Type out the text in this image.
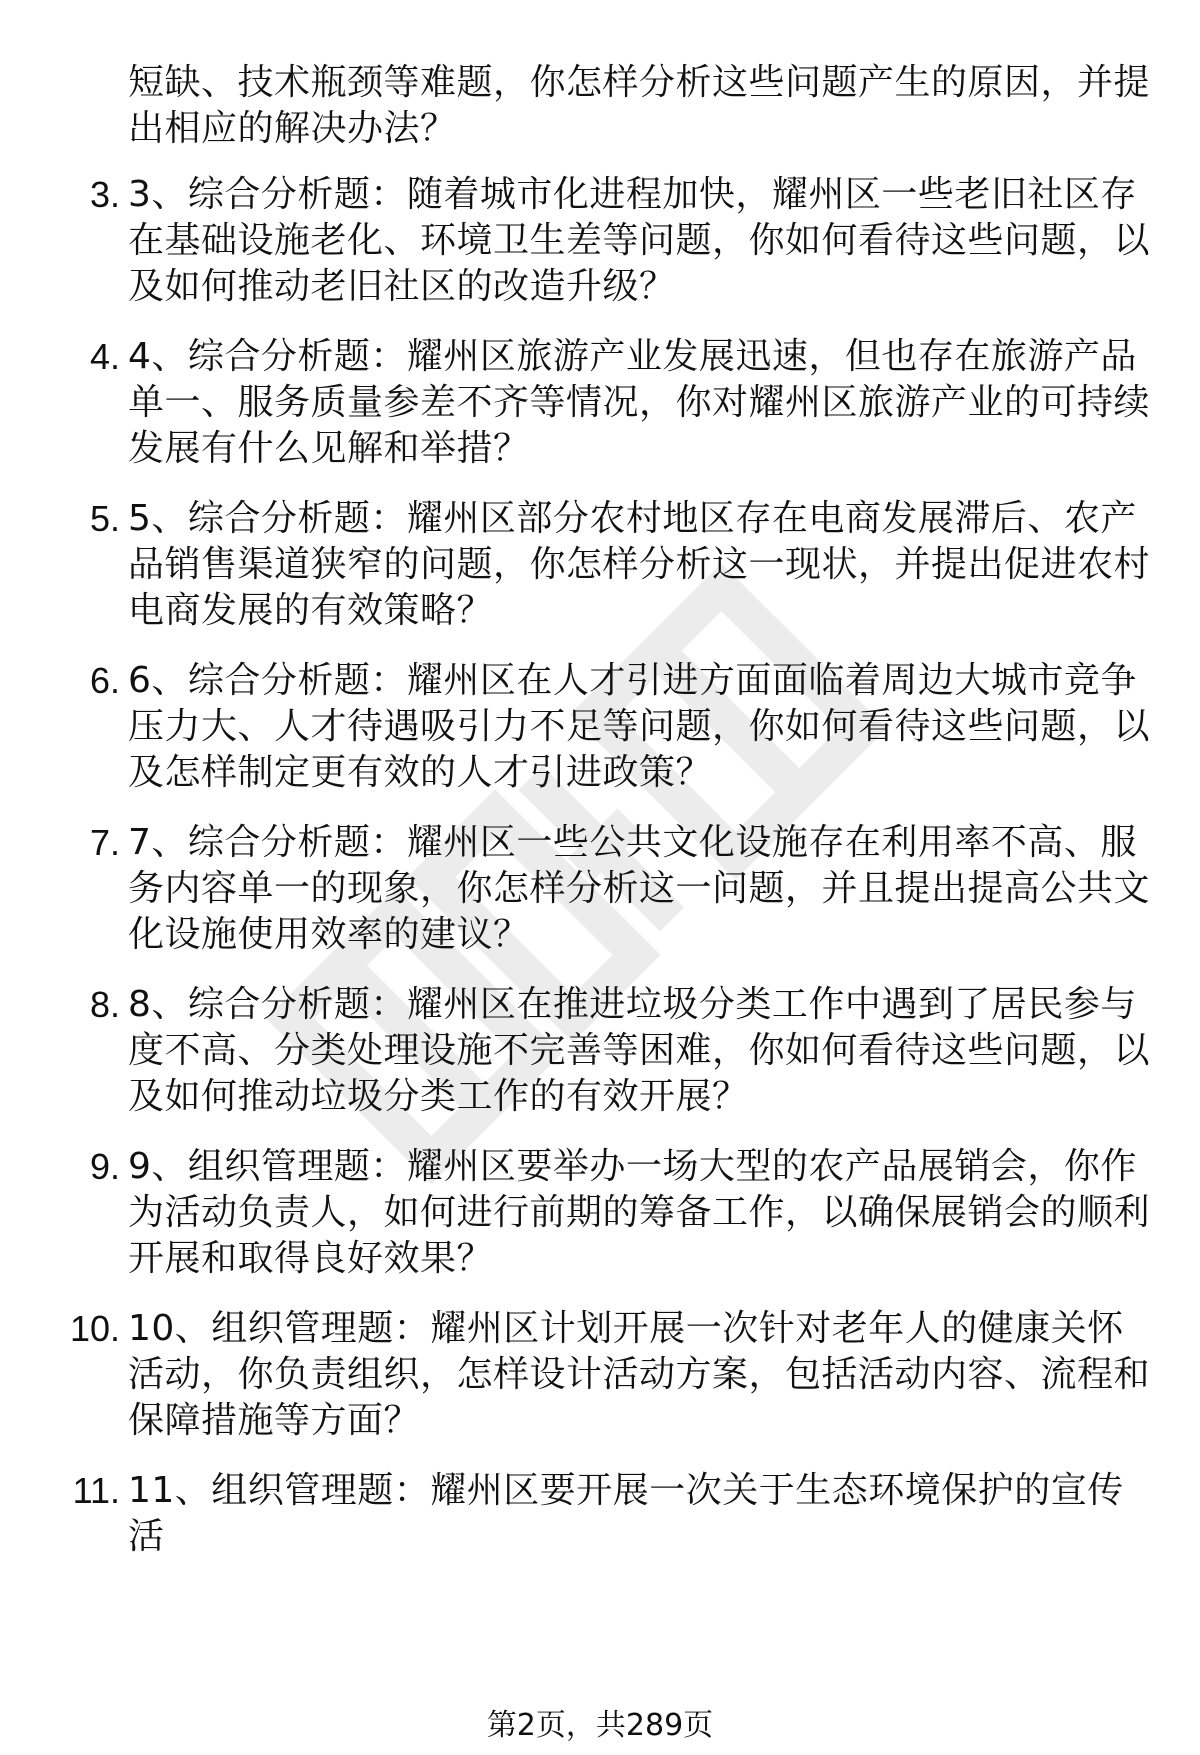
短缺、技术瓶颈等难题，你怎样分析这些问题产生的原因，并提出相应的解决办法？
3. 3、综合分析题：随着城市化进程加快，耀州区一些老旧社区存在基础设施老化、环境卫生差等问题，你如何看待这些问题，以及如何推动老旧社区的改造升级？
4. 4、综合分析题：耀州区旅游产业发展迅速，但也存在旅游产品单一、服务质量参差不齐等情况，你对耀州区旅游产业的可持续发展有什么见解和举措？
5. 5、综合分析题：耀州区部分农村地区存在电商发展滞后、农产品销售渠道狭窄的问题，你怎样分析这一现状，并提出促进农村电商发展的有效策略？
6. 6、综合分析题：耀州区在人才引进方面面临着周边大城市竞争压力大、人才待遇吸引力不足等问题，你如何看待这些问题，以及怎样制定更有效的人才引进政策？
7. 7、综合分析题：耀州区一些公共文化设施存在利用率不高、服务内容单一的现象，你怎样分析这一问题，并且提出提高公共文化设施使用效率的建议？
8. 8、综合分析题：耀州区在推进垃圾分类工作中遇到了居民参与度不高、分类处理设施不完善等困难，你如何看待这些问题，以及如何推动垃圾分类工作的有效开展？
9. 9、组织管理题：耀州区要举办一场大型的农产品展销会，你作为活动负责人，如何进行前期的筹备工作，以确保展销会的顺利开展和取得良好效果？
10. 10、组织管理题：耀州区计划开展一次针对老年人的健康关怀活动，你负责组织，怎样设计活动方案，包括活动内容、流程和保障措施等方面？
11. 11、组织管理题：耀州区要开展一次关于生态环境保护的宣传活
第2页，共289页
